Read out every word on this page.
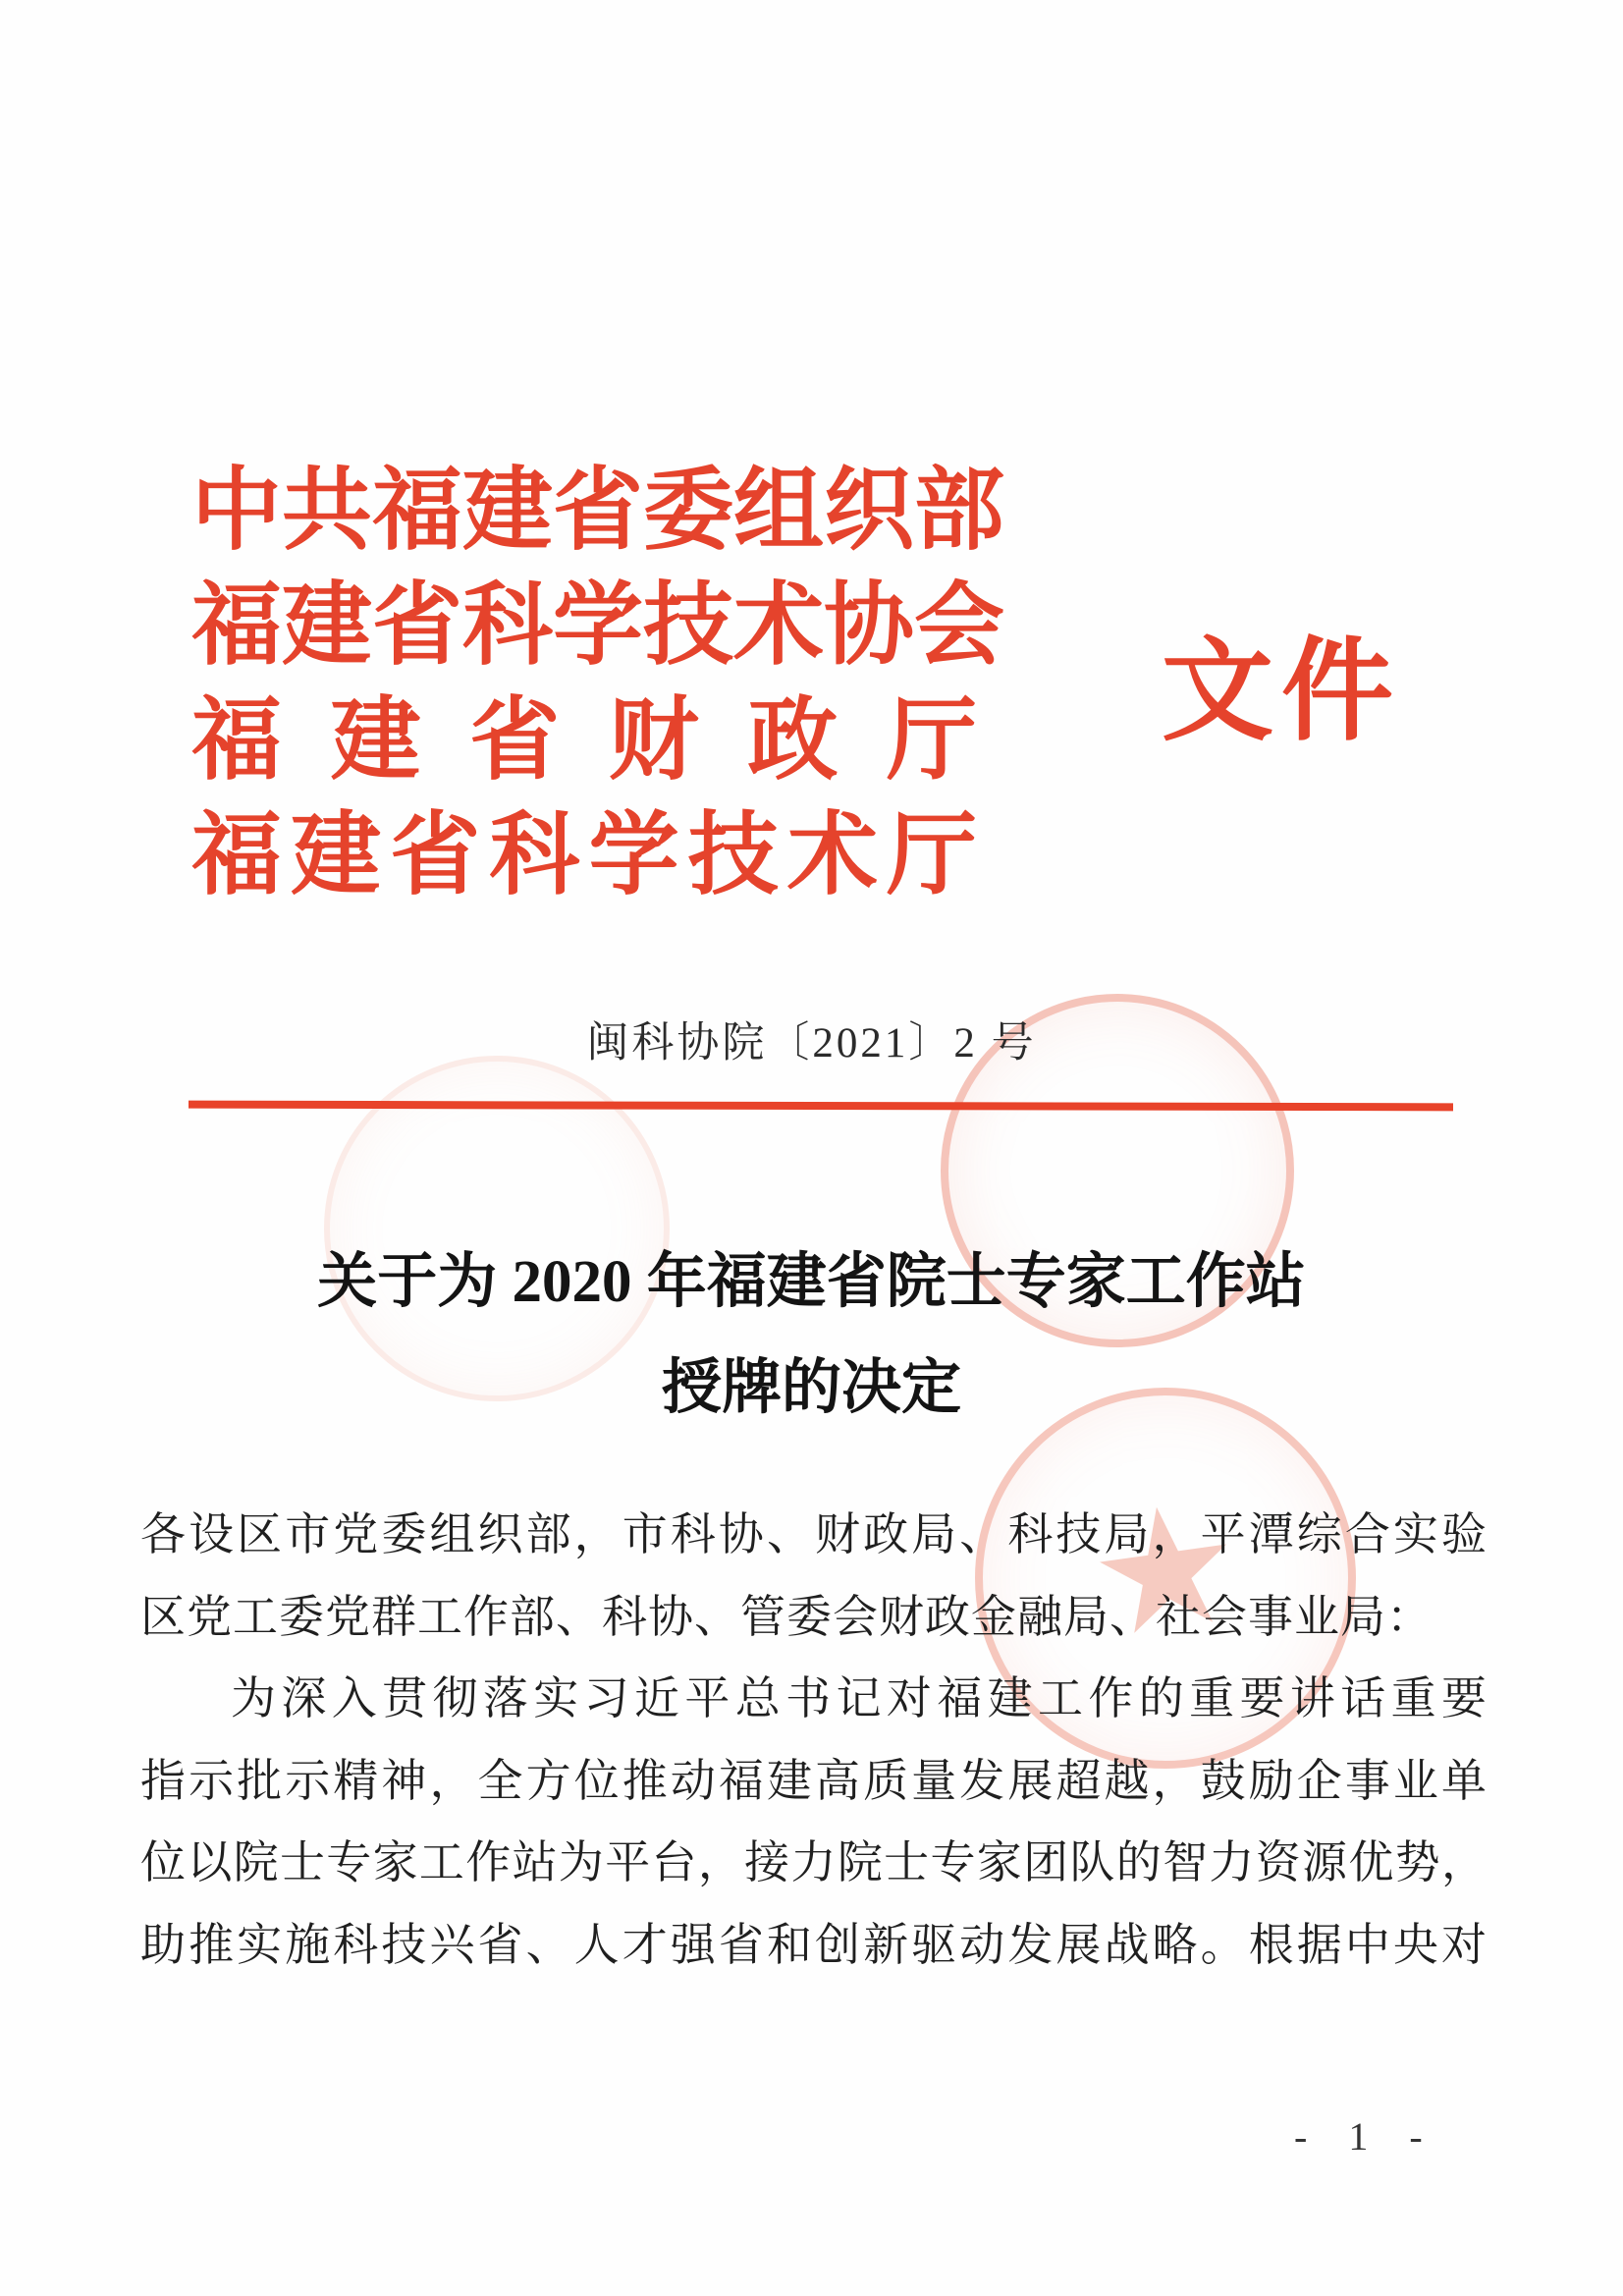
中共福建省委组织部
福建省科学技术协会
福建省财政厅
福建省科学技术厅
文件
★
闽科协院〔2021〕2 号
关于为 2020 年福建省院士专家工作站
授牌的决定
各设区市党委组织部，市科协、财政局、科技局，平潭综合实验
区党工委党群工作部、科协、管委会财政金融局、社会事业局：
为深入贯彻落实习近平总书记对福建工作的重要讲话重要
指示批示精神，全方位推动福建高质量发展超越，鼓励企事业单
位以院士专家工作站为平台，接力院士专家团队的智力资源优势，
助推实施科技兴省、人才强省和创新驱动发展战略。根据中央对
- 1 -
